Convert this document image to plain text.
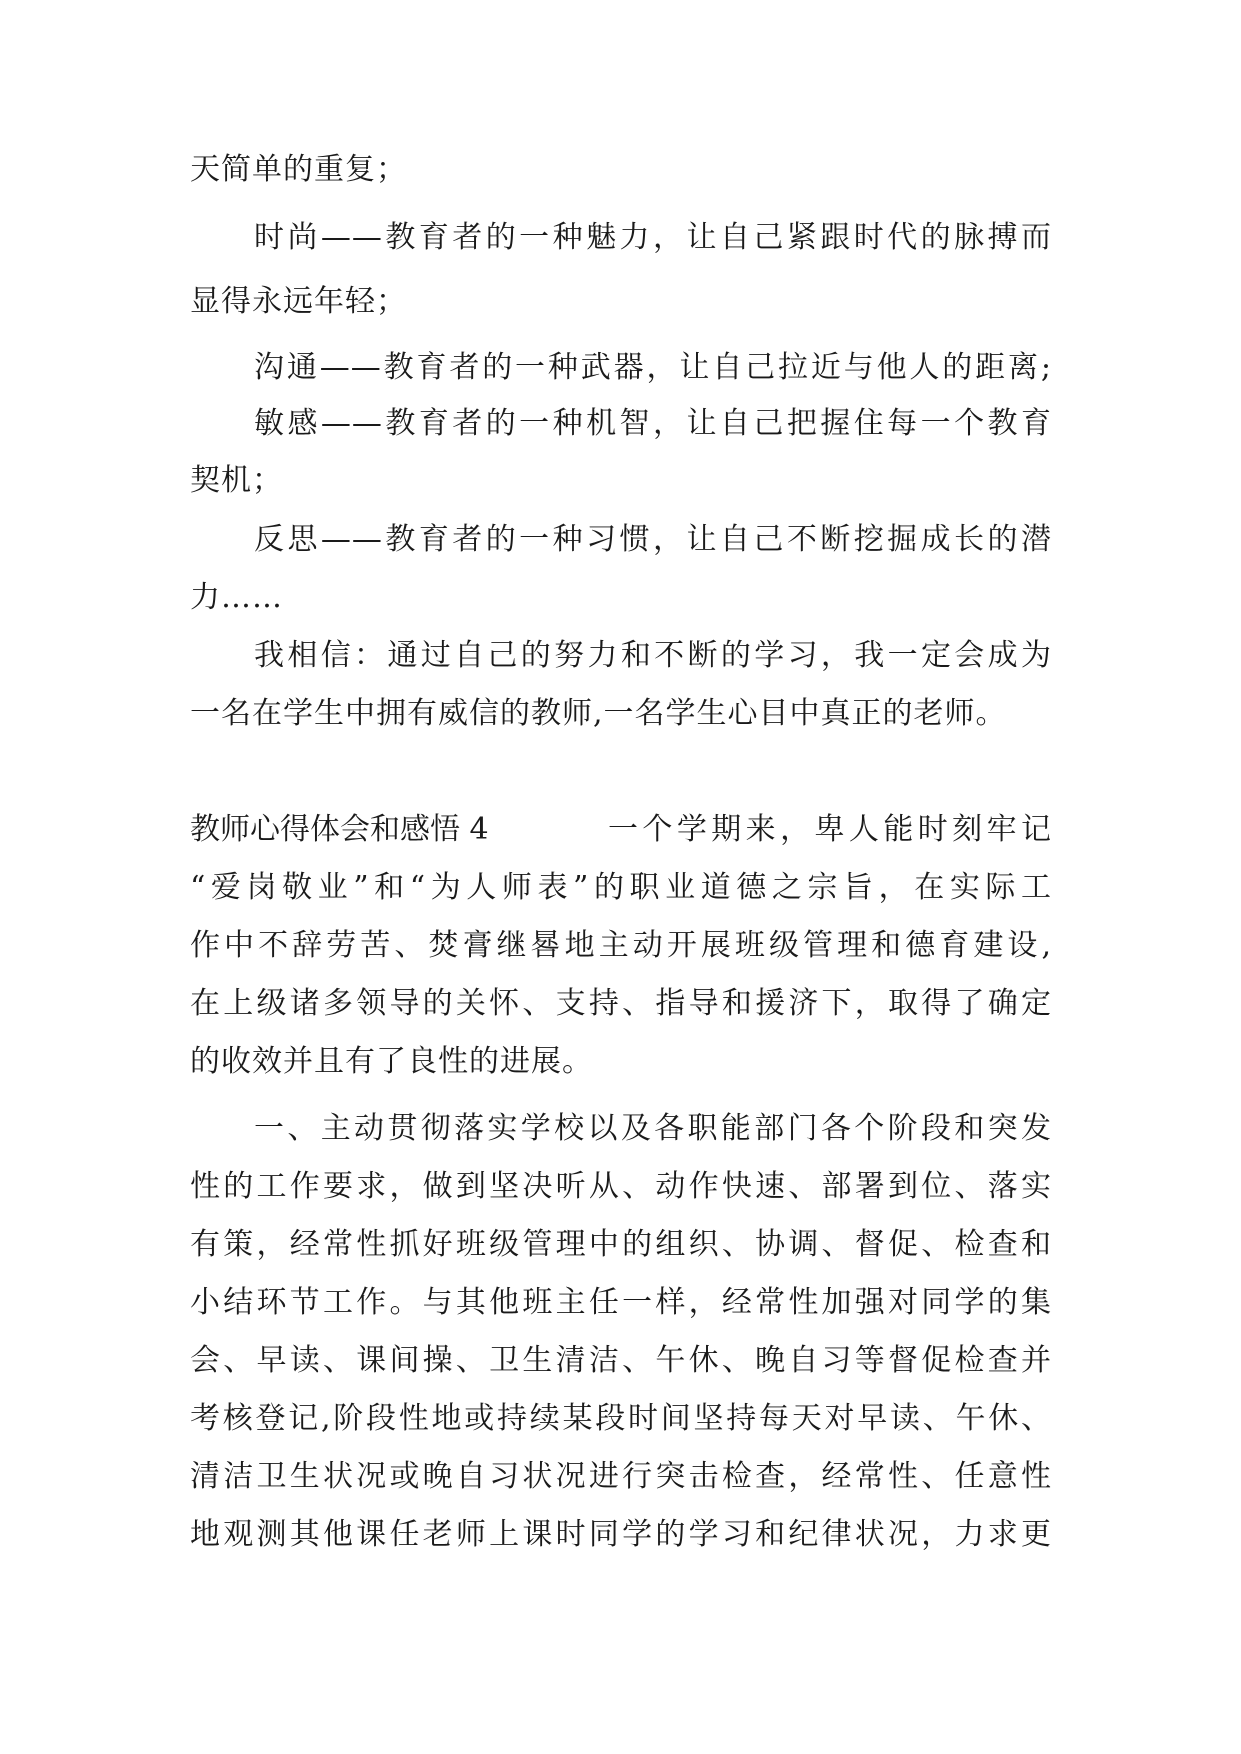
天简单的重复；
时尚——教育者的一种魅力，让自己紧跟时代的脉搏而
显得永远年轻；
沟通——教育者的一种武器，让自己拉近与他人的距离;
敏感——教育者的一种机智，让自己把握住每一个教育
契机；
反思——教育者的一种习惯，让自己不断挖掘成长的潜
力……
我相信：通过自己的努力和不断的学习，我一定会成为
一名在学生中拥有威信的教师,一名学生心目中真正的老师。
教师心得体会和感悟 4	一个学期来，卑人能时刻牢记
“爱岗敬业”和“为人师表”的职业道德之宗旨，在实际工
作中不辞劳苦、焚膏继晷地主动开展班级管理和德育建设,
在上级诸多领导的关怀、支持、指导和援济下，取得了确定
的收效并且有了良性的进展。
一、主动贯彻落实学校以及各职能部门各个阶段和突发
性的工作要求，做到坚决听从、动作快速、部署到位、落实
有策，经常性抓好班级管理中的组织、协调、督促、检查和
小结环节工作。与其他班主任一样，经常性加强对同学的集
会、早读、课间操、卫生清洁、午休、晚自习等督促检查并
考核登记,阶段性地或持续某段时间坚持每天对早读、午休、
清洁卫生状况或晚自习状况进行突击检查，经常性、任意性
地观测其他课任老师上课时同学的学习和纪律状况，力求更
